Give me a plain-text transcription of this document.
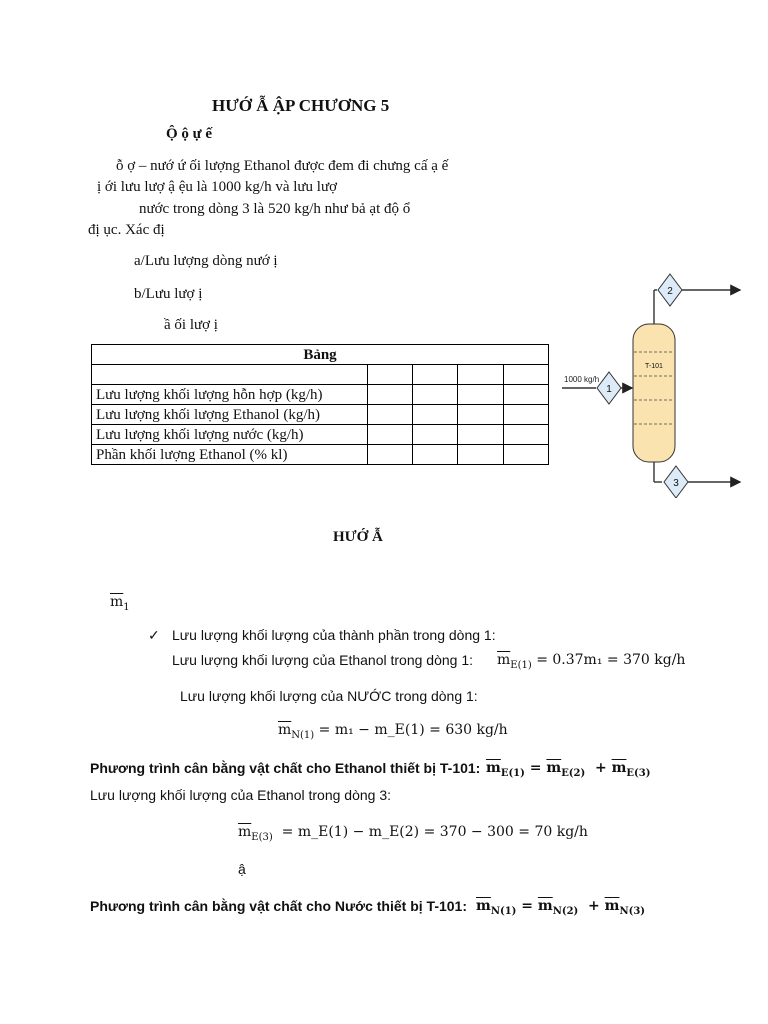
HƯỚ Ẫ ẬP CHƯƠNG 5
Ộ ộ ự ế
ỗ ợ – nướ ứ ối lượng Ethanol được đem đi chưng cấ ạ ế
ị ới lưu lượ ậ ệu là 1000 kg/h và lưu lượ
nước trong dòng 3 là 520 kg/h như bả ạt độ ổ
đị ục. Xác đị
a/Lưu lượng dòng nướ ị
b/Lưu lượ ị
ầ ối lượ ị
Bảng				

Lưu lượng khối lượng hỗn hợp (kg/h)				
Lưu lượng khối lượng Ethanol (kg/h)				
Lưu lượng khối lượng nước (kg/h)				
Phần khối lượng Ethanol (% kl)				
1000 kg/h
1
T-101
2
3
HƯỚ Ẫ
$\overline{m}_1$
✓ Lưu lượng khối lượng của thành phần trong dòng 1:
Lưu lượng khối lượng của Ethanol trong dòng 1: $\overline{m}_{E(1)} = 0.37m_1 = 370$ kg/h
Lưu lượng khối lượng của NƯỚC trong dòng 1:
$\overline{m}_{N(1)} = m_1$ − m_E(1) = 630 kg/h
Phương trình cân bằng vật chất cho Ethanol thiết bị T-101: $\overline{m}_{E(1)} = \overline{m}_{E(2)} + \overline{m}_{E(3)}$
Lưu lượng khối lượng của Ethanol trong dòng 3:
$\overline{m}_{E(3)}$ = m_E(1) − m_E(2) = 370 − 300 = 70 kg/h
ậ
Phương trình cân bằng vật chất cho Nước thiết bị T-101: $\overline{m}_{N(1)} = \overline{m}_{N(2)} + \overline{m}_{N(3)}$
